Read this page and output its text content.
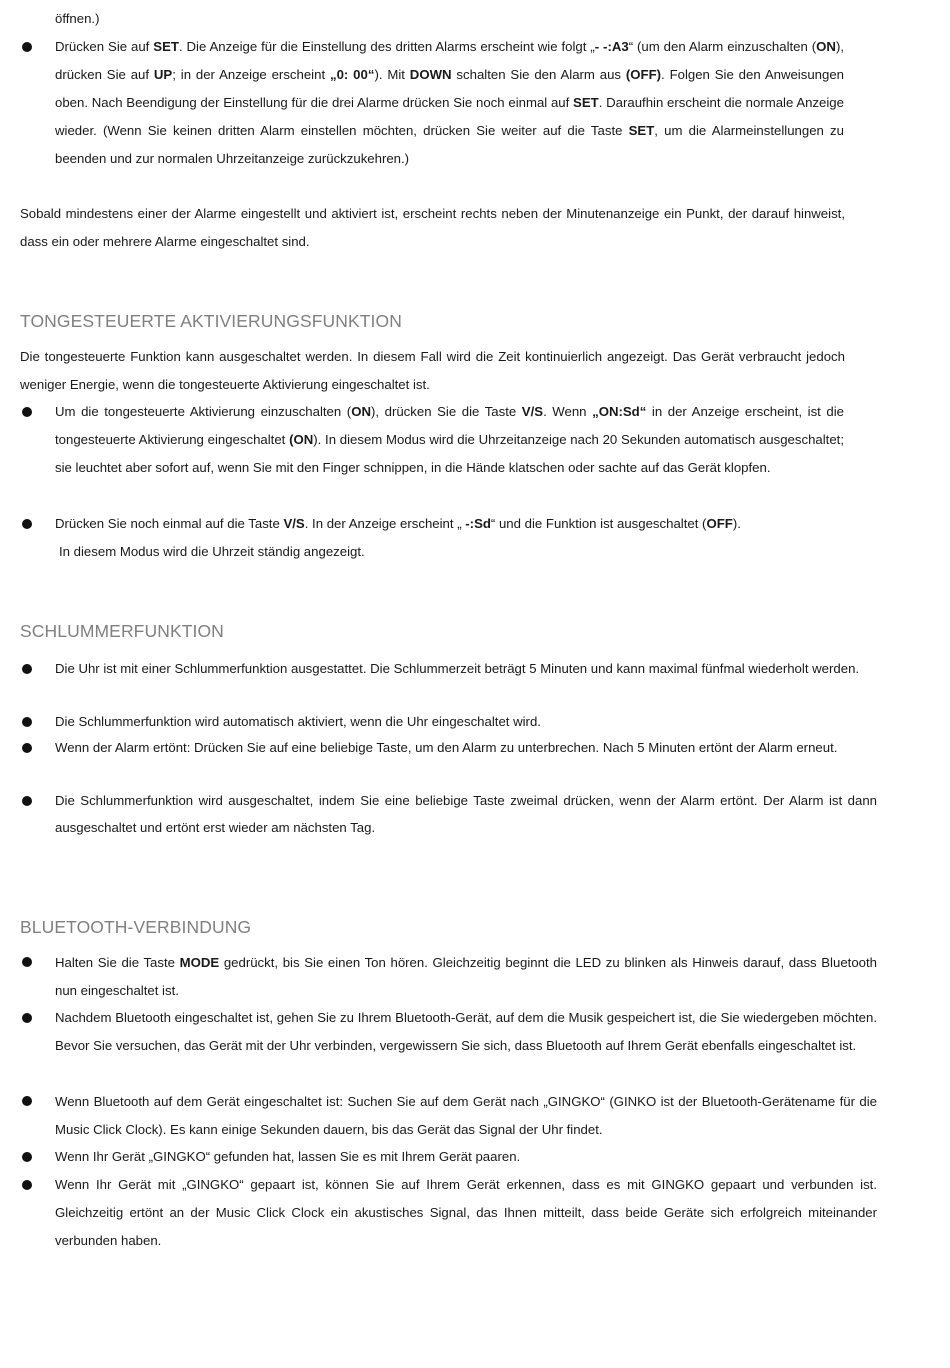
öffnen.)

Drücken Sie auf SET. Die Anzeige für die Einstellung des dritten Alarms erscheint wie folgt „- -:A3“ (um den Alarm einzuschalten (ON), drücken Sie auf UP; in der Anzeige erscheint „0: 00“). Mit DOWN schalten Sie den Alarm aus (OFF). Folgen Sie den Anweisungen oben. Nach Beendigung der Einstellung für die drei Alarme drücken Sie noch einmal auf SET. Daraufhin erscheint die normale Anzeige wieder. (Wenn Sie keinen dritten Alarm einstellen möchten, drücken Sie weiter auf die Taste SET, um die Alarmeinstellungen zu beenden und zur normalen Uhrzeitanzeige zurückzukehren.)

Sobald mindestens einer der Alarme eingestellt und aktiviert ist, erscheint rechts neben der Minutenanzeige ein Punkt, der darauf hinweist, dass ein oder mehrere Alarme eingeschaltet sind.

TONGESTEUERTE AKTIVIERUNGSFUNKTION

Die tongesteuerte Funktion kann ausgeschaltet werden. In diesem Fall wird die Zeit kontinuierlich angezeigt. Das Gerät verbraucht jedoch weniger Energie, wenn die tongesteuerte Aktivierung eingeschaltet ist.

Um die tongesteuerte Aktivierung einzuschalten (ON), drücken Sie die Taste V/S. Wenn „ON:Sd“ in der Anzeige erscheint, ist die tongesteuerte Aktivierung eingeschaltet (ON). In diesem Modus wird die Uhrzeitanzeige nach 20 Sekunden automatisch ausgeschaltet; sie leuchtet aber sofort auf, wenn Sie mit den Finger schnippen, in die Hände klatschen oder sachte auf das Gerät klopfen.

Drücken Sie noch einmal auf die Taste V/S. In der Anzeige erscheint „ -:Sd“ und die Funktion ist ausgeschaltet (OFF).

In diesem Modus wird die Uhrzeit ständig angezeigt.

SCHLUMMERFUNKTION

Die Uhr ist mit einer Schlummerfunktion ausgestattet. Die Schlummerzeit beträgt 5 Minuten und kann maximal fünfmal wiederholt werden.

Die Schlummerfunktion wird automatisch aktiviert, wenn die Uhr eingeschaltet wird.

Wenn der Alarm ertönt: Drücken Sie auf eine beliebige Taste, um den Alarm zu unterbrechen. Nach 5 Minuten ertönt der Alarm erneut.

Die Schlummerfunktion wird ausgeschaltet, indem Sie eine beliebige Taste zweimal drücken, wenn der Alarm ertönt. Der Alarm ist dann ausgeschaltet und ertönt erst wieder am nächsten Tag.

BLUETOOTH-VERBINDUNG

Halten Sie die Taste MODE gedrückt, bis Sie einen Ton hören. Gleichzeitig beginnt die LED zu blinken als Hinweis darauf, dass Bluetooth nun eingeschaltet ist.

Nachdem Bluetooth eingeschaltet ist, gehen Sie zu Ihrem Bluetooth-Gerät, auf dem die Musik gespeichert ist, die Sie wiedergeben möchten. Bevor Sie versuchen, das Gerät mit der Uhr verbinden, vergewissern Sie sich, dass Bluetooth auf Ihrem Gerät ebenfalls eingeschaltet ist.

Wenn Bluetooth auf dem Gerät eingeschaltet ist: Suchen Sie auf dem Gerät nach „GINGKO“ (GINKO ist der Bluetooth-Gerätename für die Music Click Clock). Es kann einige Sekunden dauern, bis das Gerät das Signal der Uhr findet.

Wenn Ihr Gerät „GINGKO“ gefunden hat, lassen Sie es mit Ihrem Gerät paaren.

Wenn Ihr Gerät mit „GINGKO“ gepaart ist, können Sie auf Ihrem Gerät erkennen, dass es mit GINGKO gepaart und verbunden ist. Gleichzeitig ertönt an der Music Click Clock ein akustisches Signal, das Ihnen mitteilt, dass beide Geräte sich erfolgreich miteinander verbunden haben.
